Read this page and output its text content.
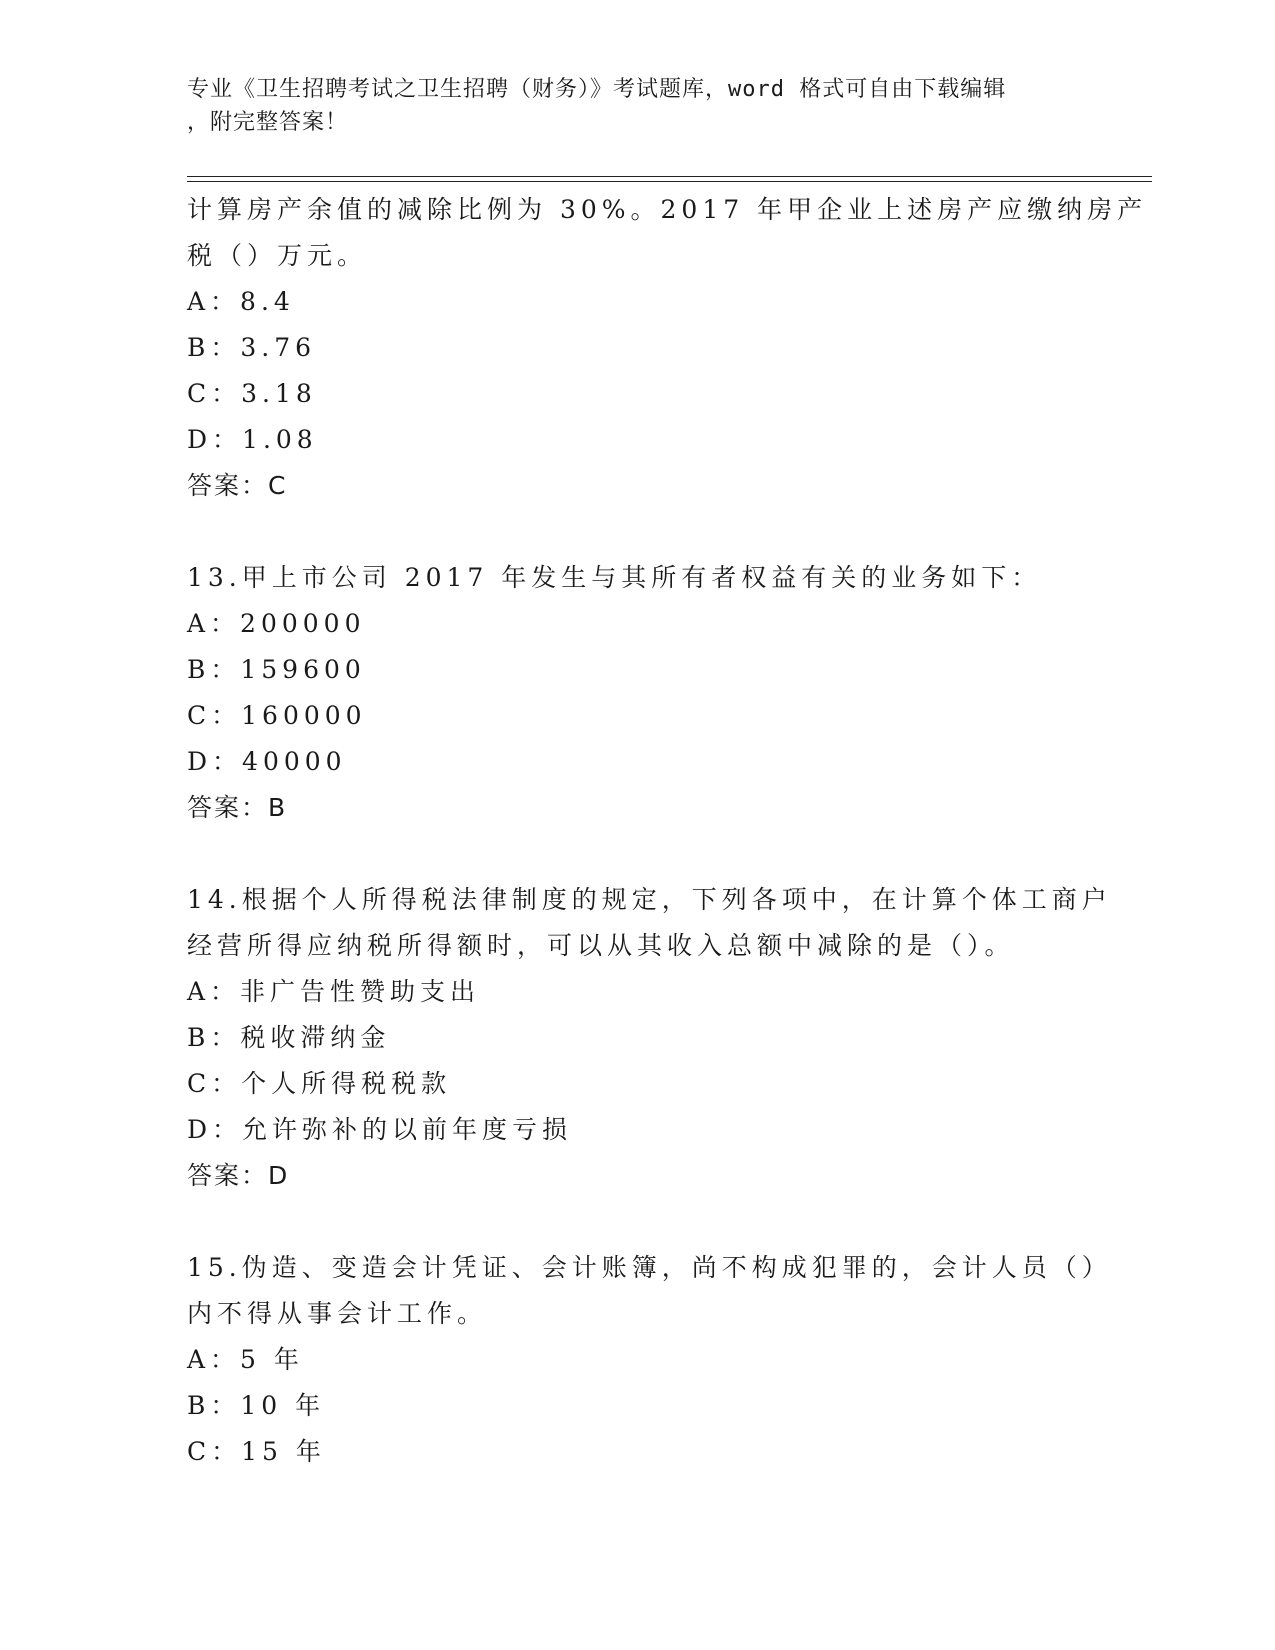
专业《卫生招聘考试之卫生招聘（财务）》考试题库，word 格式可自由下载编辑
，附完整答案！
计算房产余值的减除比例为 30%。2017 年甲企业上述房产应缴纳房产
税（）万元。
A：8.4
B：3.76
C：3.18
D：1.08
答案：C
13.甲上市公司 2017 年发生与其所有者权益有关的业务如下：
A：200000
B：159600
C：160000
D：40000
答案：B
14.根据个人所得税法律制度的规定，下列各项中，在计算个体工商户
经营所得应纳税所得额时，可以从其收入总额中减除的是（）。
A：非广告性赞助支出
B：税收滞纳金
C：个人所得税税款
D：允许弥补的以前年度亏损
答案：D
15.伪造、变造会计凭证、会计账簿，尚不构成犯罪的，会计人员（）
内不得从事会计工作。
A：5 年
B：10 年
C：15 年
